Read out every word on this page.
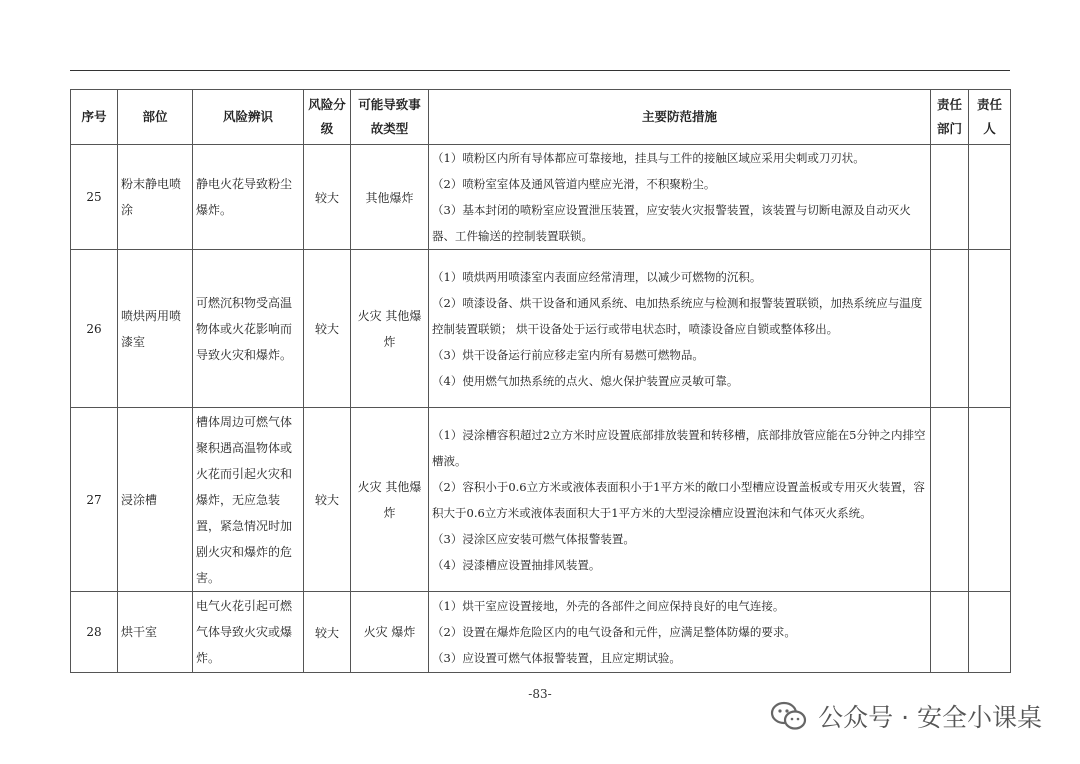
序号	部位	风险辨识	风险分级	可能导致事故类型	主要防范措施	责任部门	责任人
25	粉末静电喷涂	静电火花导致粉尘爆炸。	较大	其他爆炸	（1）喷粉区内所有导体都应可靠接地，挂具与工件的接触区域应采用尖刺或刀刃状。
（2）喷粉室室体及通风管道内壁应光滑，不积聚粉尘。
（3）基本封闭的喷粉室应设置泄压装置，应安装火灾报警装置，该装置与切断电源及自动灭火器、工件输送的控制装置联锁。		

26	喷烘两用喷漆室	可燃沉积物受高温物体或火花影响而导致火灾和爆炸。	较大	火灾 其他爆炸	（1）喷烘两用喷漆室内表面应经常清理，以减少可燃物的沉积。
（2）喷漆设备、烘干设备和通风系统、电加热系统应与检测和报警装置联锁，加热系统应与温度控制装置联锁； 烘干设备处于运行或带电状态时，喷漆设备应自锁或整体移出。
（3）烘干设备运行前应移走室内所有易燃可燃物品。
（4）使用燃气加热系统的点火、熄火保护装置应灵敏可靠。		

27	浸涂槽	槽体周边可燃气体聚积遇高温物体或火花而引起火灾和爆炸，无应急装置，紧急情况时加剧火灾和爆炸的危害。	较大	火灾 其他爆炸	（1）浸涂槽容积超过2立方米时应设置底部排放装置和转移槽，底部排放管应能在5分钟之内排空槽液。
（2）容积小于0.6立方米或液体表面积小于1平方米的敞口小型槽应设置盖板或专用灭火装置，容积大于0.6立方米或液体表面积大于1平方米的大型浸涂槽应设置泡沫和气体灭火系统。
（3）浸涂区应安装可燃气体报警装置。
（4）浸漆槽应设置抽排风装置。		

28	烘干室	电气火花引起可燃气体导致火灾或爆炸。	较大	火灾 爆炸	（1）烘干室应设置接地，外壳的各部件之间应保持良好的电气连接。
（2）设置在爆炸危险区内的电气设备和元件，应满足整体防爆的要求。
（3）应设置可燃气体报警装置，且应定期试验。		

-83-
公众号 · 安全小课桌
